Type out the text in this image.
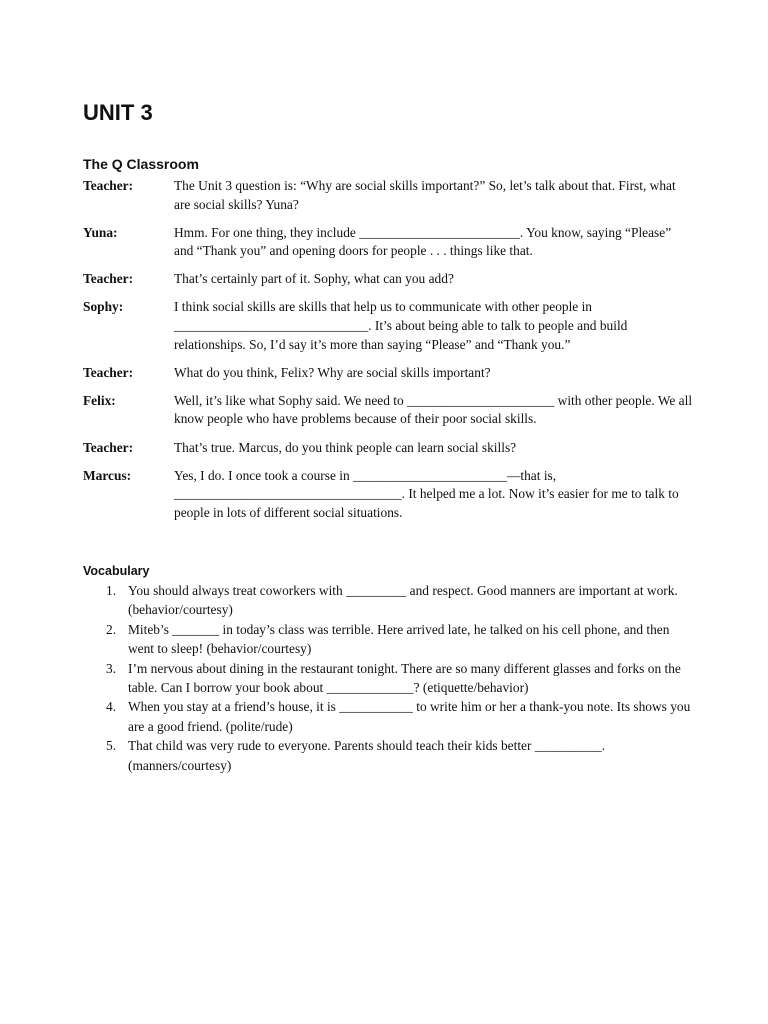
UNIT 3
The Q Classroom
Teacher:	The Unit 3 question is: “Why are social skills important?” So, let’s talk about that. First, what are social skills? Yuna?
Yuna:	Hmm. For one thing, they include ________________________. You know, saying “Please” and “Thank you” and opening doors for people . . . things like that.
Teacher:	That’s certainly part of it. Sophy, what can you add?
Sophy:	I think social skills are skills that help us to communicate with other people in _____________________________. It’s about being able to talk to people and build relationships. So, I’d say it’s more than saying “Please” and “Thank you.”
Teacher:	What do you think, Felix? Why are social skills important?
Felix:	Well, it’s like what Sophy said. We need to ______________________ with other people. We all know people who have problems because of their poor social skills.
Teacher:	That’s true. Marcus, do you think people can learn social skills?
Marcus:	Yes, I do. I once took a course in _______________________—that is, __________________________________. It helped me a lot. Now it’s easier for me to talk to people in lots of different social situations.
Vocabulary
1. You should always treat coworkers with _________ and respect. Good manners are important at work. (behavior/courtesy)
2. Miteb’s _______ in today’s class was terrible. Here arrived late, he talked on his cell phone, and then went to sleep! (behavior/courtesy)
3. I’m nervous about dining in the restaurant tonight. There are so many different glasses and forks on the table. Can I borrow your book about _____________? (etiquette/behavior)
4. When you stay at a friend’s house, it is ___________ to write him or her a thank-you note. Its shows you are a good friend. (polite/rude)
5. That child was very rude to everyone. Parents should teach their kids better __________. (manners/courtesy)
